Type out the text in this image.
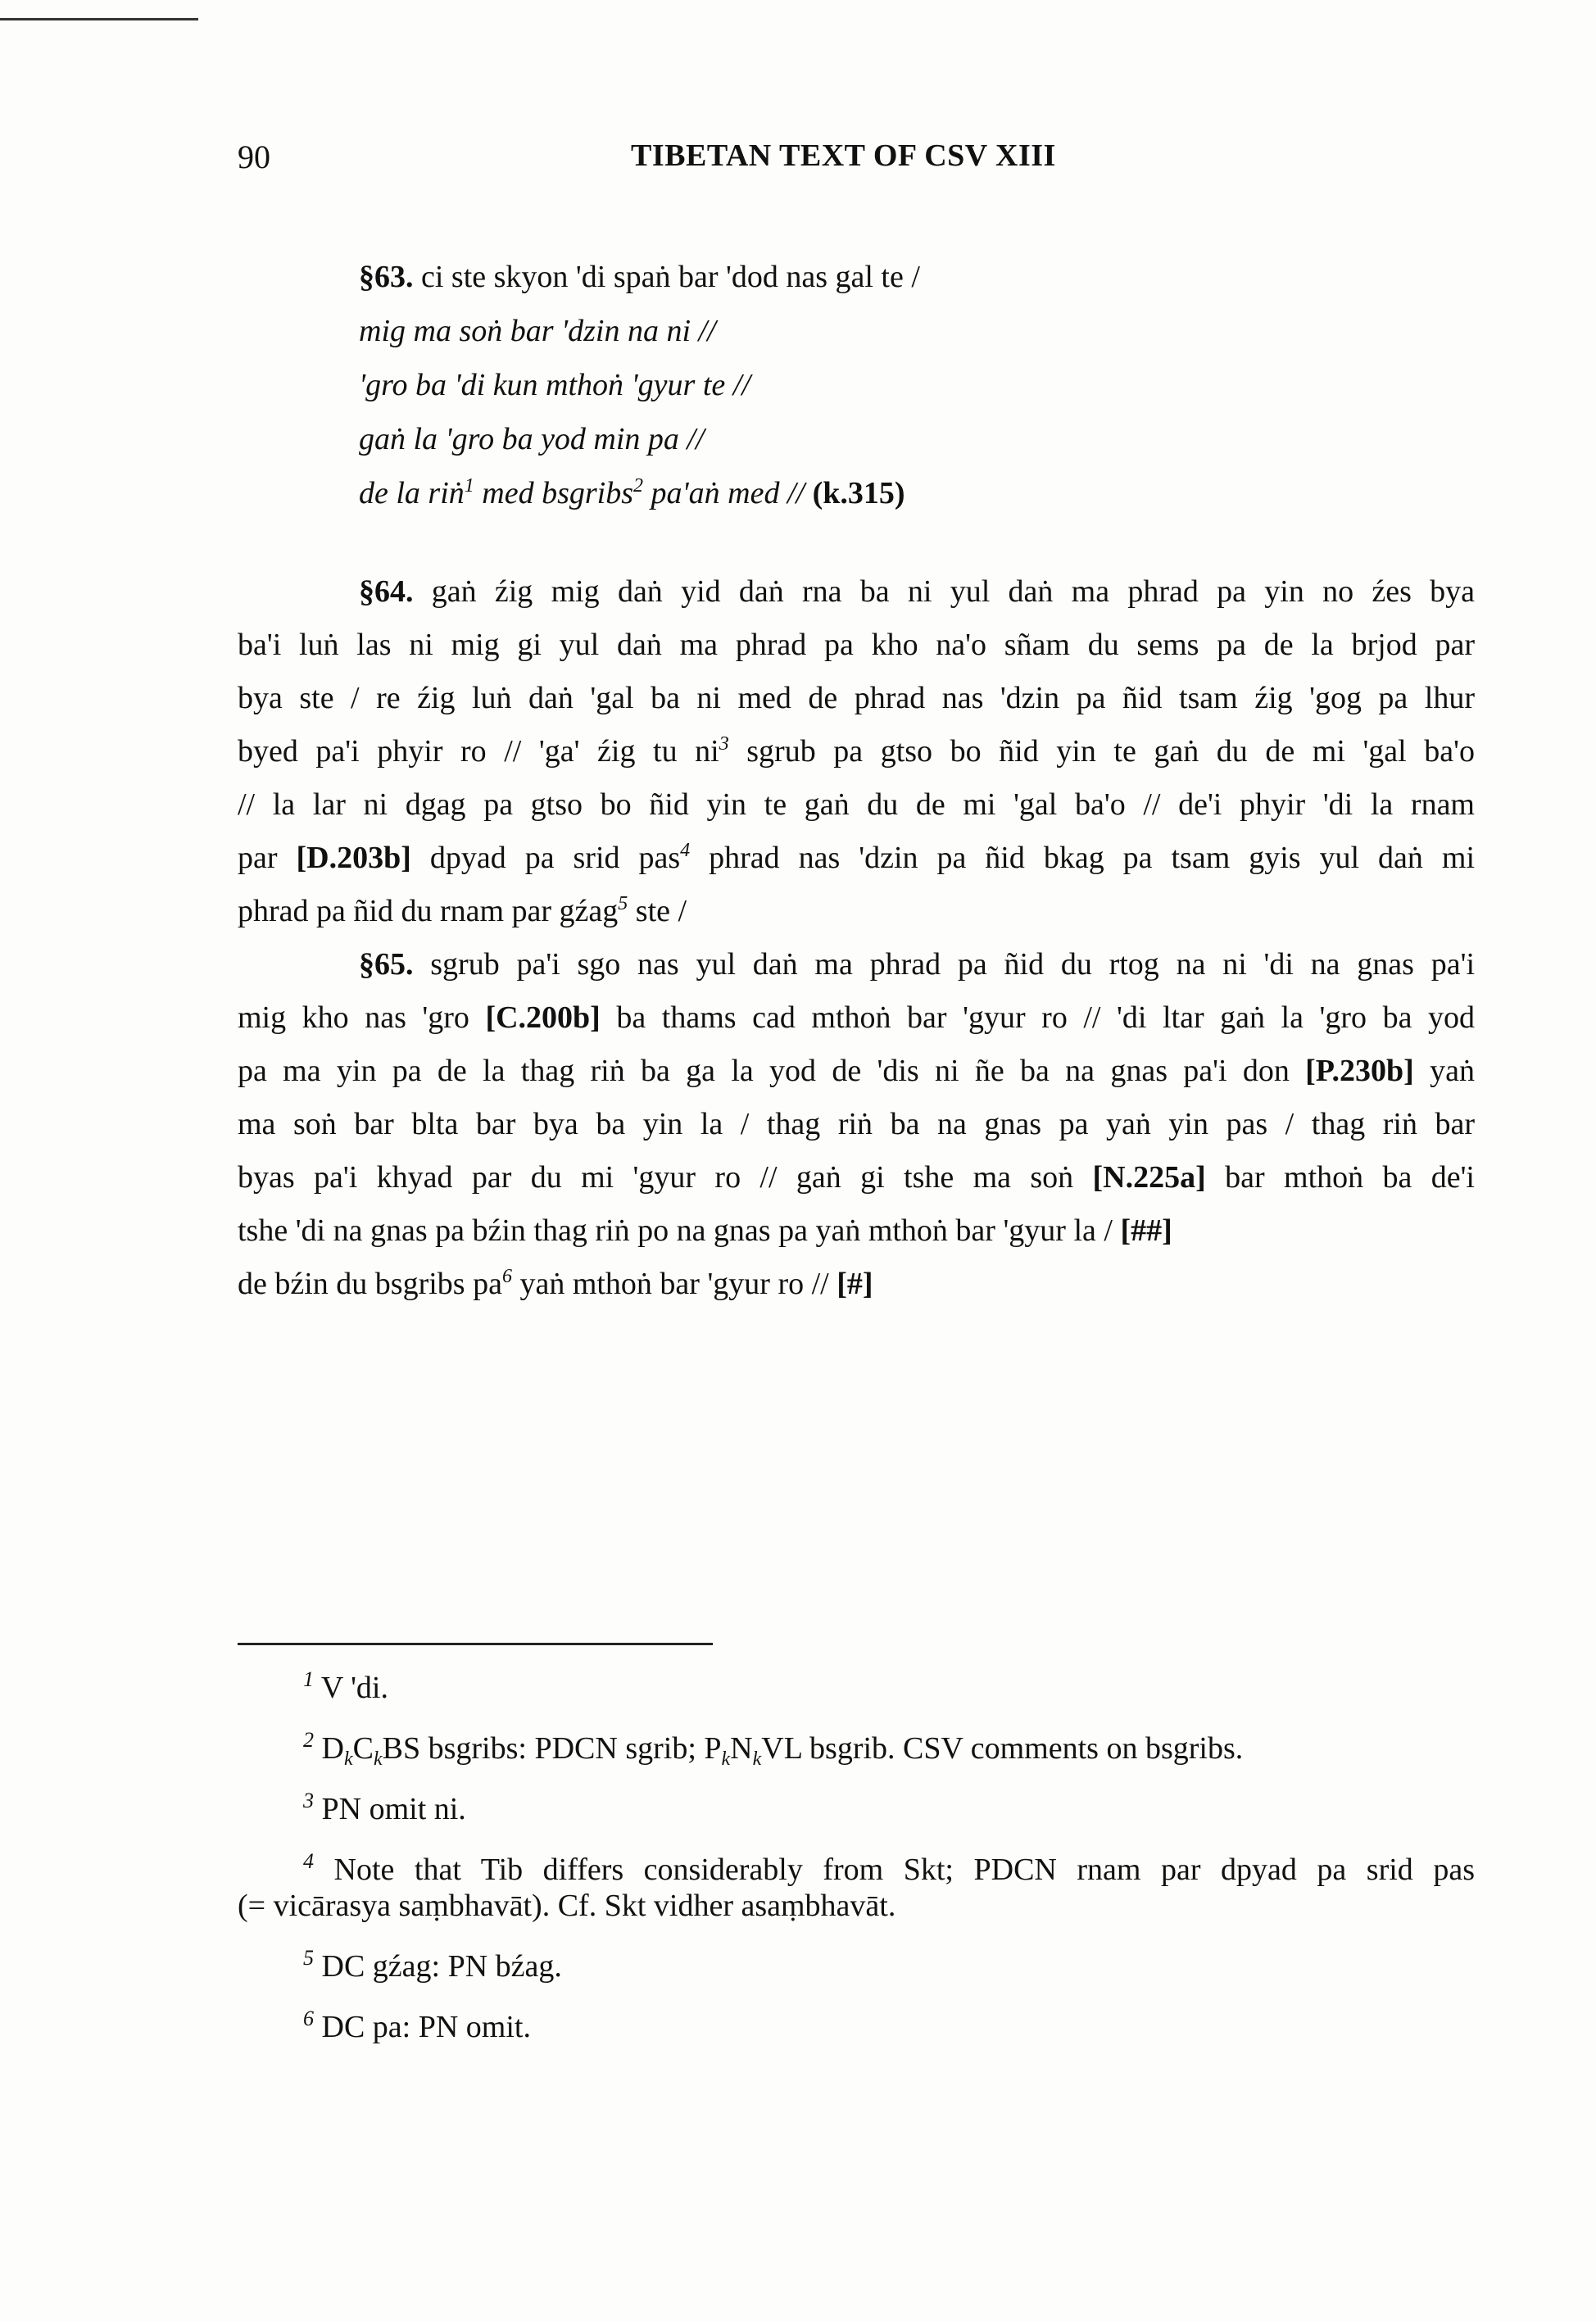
90	TIBETAN TEXT OF CSV XIII
§63. ci ste skyon 'di spaṅ bar 'dod nas gal te /
mig ma soṅ bar 'dzin na ni //
'gro ba 'di kun mthoṅ 'gyur te //
gaṅ la 'gro ba yod min pa //
de la riṅ$^1$ med bsgribs$^2$ pa'aṅ med // (k.315)
§64. gaṅ źig mig daṅ yid daṅ rna ba ni yul daṅ ma phrad pa yin no źes bya
ba'i luṅ las ni mig gi yul daṅ ma phrad pa kho na'o sñam du sems pa de la brjod par
bya ste / re źig luṅ daṅ 'gal ba ni med de phrad nas 'dzin pa ñid tsam źig 'gog pa lhur
byed pa'i phyir ro // 'ga' źig tu $ni^3$ sgrub pa gtso bo ñid yin te gaṅ du de mi 'gal ba'o
// la lar ni dgag pa gtso bo ñid yin te gaṅ du de mi 'gal ba'o // de'i phyir 'di la rnam
par [D.203b] dpyad pa srid pas$^4$ phrad nas 'dzin pa ñid bkag pa tsam gyis yul daṅ mi
phrad pa ñid du rnam par gźag$^5$ ste /
§65. sgrub pa'i sgo nas yul daṅ ma phrad pa ñid du rtog na ni 'di na gnas pa'i
mig kho nas 'gro [C.200b] ba thams cad mthoṅ bar 'gyur ro // 'di ltar gaṅ la 'gro ba yod
pa ma yin pa de la thag riṅ ba ga la yod de 'dis ni ñe ba na gnas pa'i don [P.230b] yaṅ
ma soṅ bar blta bar bya ba yin la / thag riṅ ba na gnas pa yaṅ yin pas / thag riṅ bar
byas pa'i khyad par du mi 'gyur ro // gaṅ gi tshe ma soṅ [N.225a] bar mthoṅ ba de'i
tshe 'di na gnas pa bźin thag riṅ po na gnas pa yaṅ mthoṅ bar 'gyur la / [##]
de bźin du bsgribs $pa^6$ yaṅ mthoṅ bar 'gyur ro // [#]
$^1$ V 'di.
$^2$ $D_kC_kBS$ bsgribs: PDCN sgrib; $P_kN_kVL$ bsgrib. CSV comments on bsgribs.
$^3$ PN omit ni.
$^4$ Note that Tib differs considerably from Skt; PDCN rnam par dpyad pa srid pas
(= vicārasya saṃbhavāt). Cf. Skt vidher asaṃbhavāt.
$^5$ DC gźag: PN bźag.
$^6$ DC pa: PN omit.
